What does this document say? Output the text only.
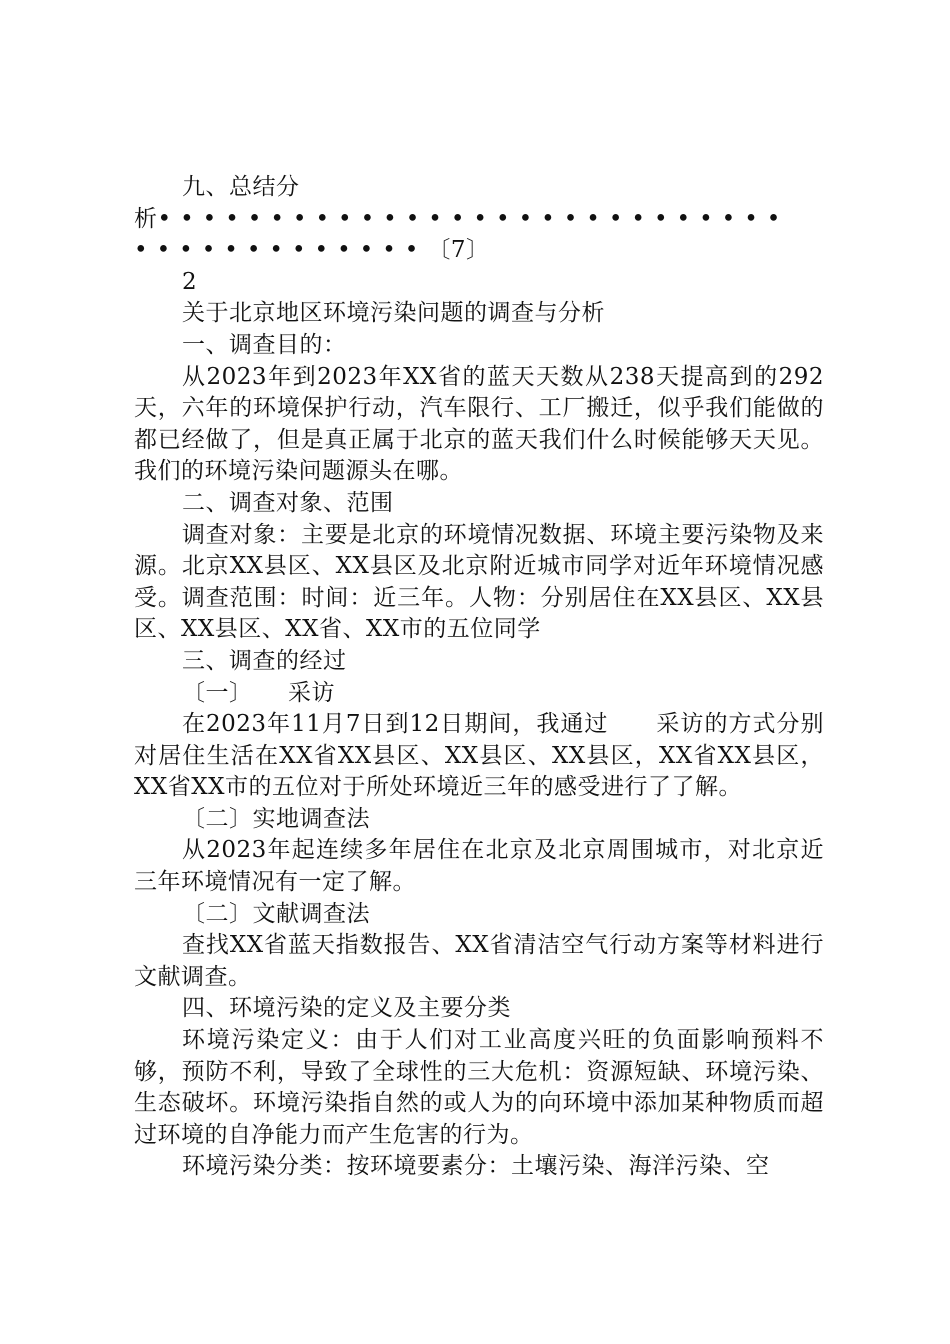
九、总结分

析••••••••••••••••••••••••••••

•••••••••••••〔7〕

2

关于北京地区环境污染问题的调查与分析

一、调查目的：

从2023年到2023年XX省的蓝天天数从238天提高到的292天，六年的环境保护行动，汽车限行、工厂搬迁，似乎我们能做的都已经做了，但是真正属于北京的蓝天我们什么时候能够天天见。我们的环境污染问题源头在哪。

二、调查对象、范围

调查对象：主要是北京的环境情况数据、环境主要污染物及来源。北京XX县区、XX县区及北京附近城市同学对近年环境情况感受。调查范围：时间：近三年。人物：分别居住在XX县区、XX县区、XX县区、XX省、XX市的五位同学

三、调查的经过

〔一〕　　采访

在2023年11月7日到12日期间，我通过　　采访的方式分别对居住生活在XX省XX县区、XX县区、XX县区，XX省XX县区，XX省XX市的五位对于所处环境近三年的感受进行了了解。

〔二〕实地调查法

从2023年起连续多年居住在北京及北京周围城市，对北京近三年环境情况有一定了解。

〔二〕文献调查法

查找XX省蓝天指数报告、XX省清洁空气行动方案等材料进行文献调查。

四、环境污染的定义及主要分类

环境污染定义：由于人们对工业高度兴旺的负面影响预料不够，预防不利，导致了全球性的三大危机：资源短缺、环境污染、生态破坏。环境污染指自然的或人为的向环境中添加某种物质而超过环境的自净能力而产生危害的行为。

环境污染分类：按环境要素分：土壤污染、海洋污染、空
